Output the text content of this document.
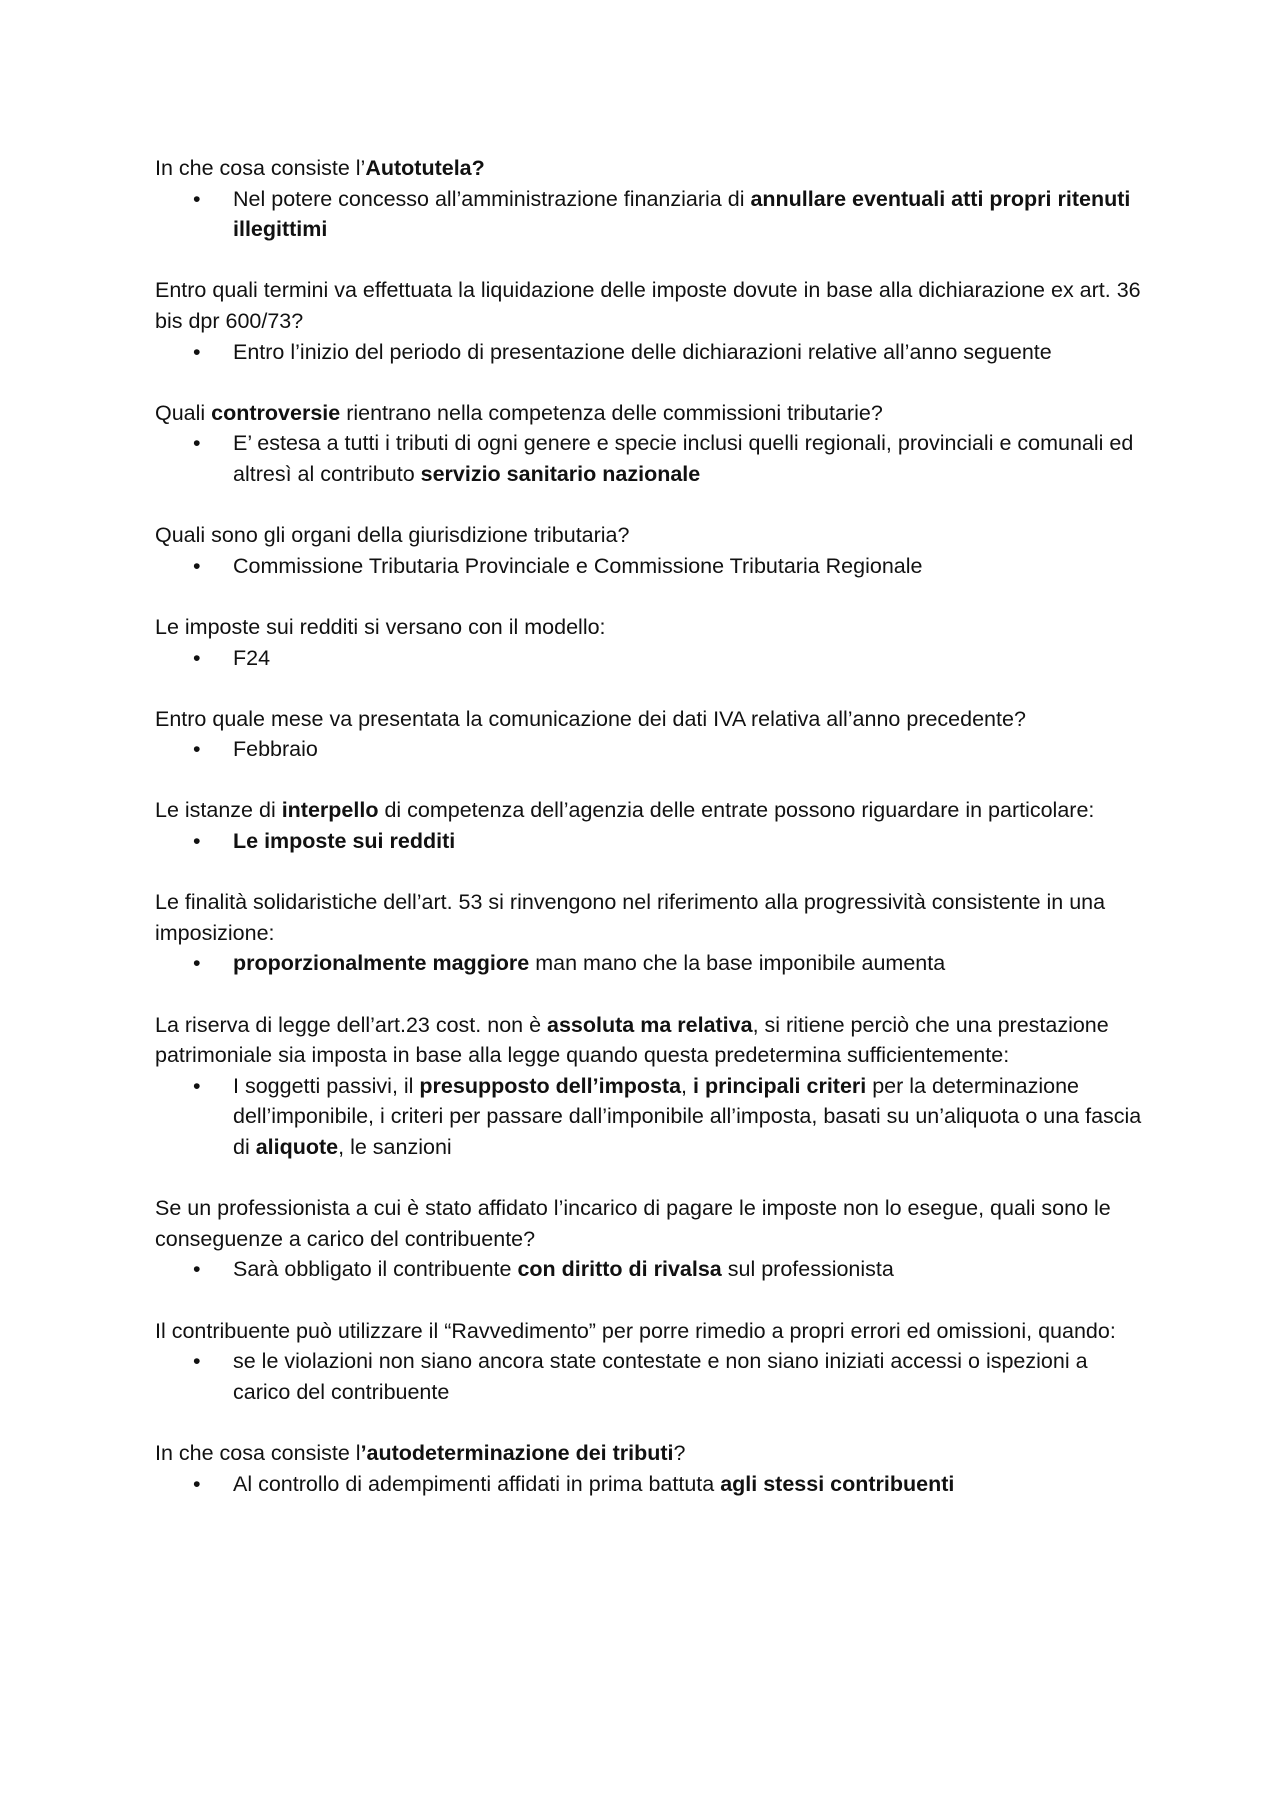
In che cosa consiste l’Autotutela?

• Nel potere concesso all’amministrazione finanziaria di annullare eventuali atti propri ritenuti illegittimi

Entro quali termini va effettuata la liquidazione delle imposte dovute in base alla dichiarazione ex art. 36 bis dpr 600/73?

• Entro l’inizio del periodo di presentazione delle dichiarazioni relative all’anno seguente

Quali controversie rientrano nella competenza delle commissioni tributarie?

• E’ estesa a tutti i tributi di ogni genere e specie inclusi quelli regionali, provinciali e comunali ed altresì al contributo servizio sanitario nazionale

Quali sono gli organi della giurisdizione tributaria?

• Commissione Tributaria Provinciale e Commissione Tributaria Regionale

Le imposte sui redditi si versano con il modello:

• F24

Entro quale mese va presentata la comunicazione dei dati IVA relativa all’anno precedente?

• Febbraio

Le istanze di interpello di competenza dell’agenzia delle entrate possono riguardare in particolare:

• Le imposte sui redditi

Le finalità solidaristiche dell’art. 53 si rinvengono nel riferimento alla progressività consistente in una imposizione:

• proporzionalmente maggiore man mano che la base imponibile aumenta

La riserva di legge dell’art.23 cost. non è assoluta ma relativa, si ritiene perciò che una prestazione patrimoniale sia imposta in base alla legge quando questa predetermina sufficientemente:

• I soggetti passivi, il presupposto dell’imposta, i principali criteri per la determinazione dell’imponibile, i criteri per passare dall’imponibile all’imposta, basati su un’aliquota o una fascia di aliquote, le sanzioni

Se un professionista a cui è stato affidato l’incarico di pagare le imposte non lo esegue, quali sono le conseguenze a carico del contribuente?

• Sarà obbligato il contribuente con diritto di rivalsa sul professionista

Il contribuente può utilizzare il “Ravvedimento” per porre rimedio a propri errori ed omissioni, quando:

• se le violazioni non siano ancora state contestate e non siano iniziati accessi o ispezioni a carico del contribuente

In che cosa consiste l’autodeterminazione dei tributi?

• Al controllo di adempimenti affidati in prima battuta agli stessi contribuenti
